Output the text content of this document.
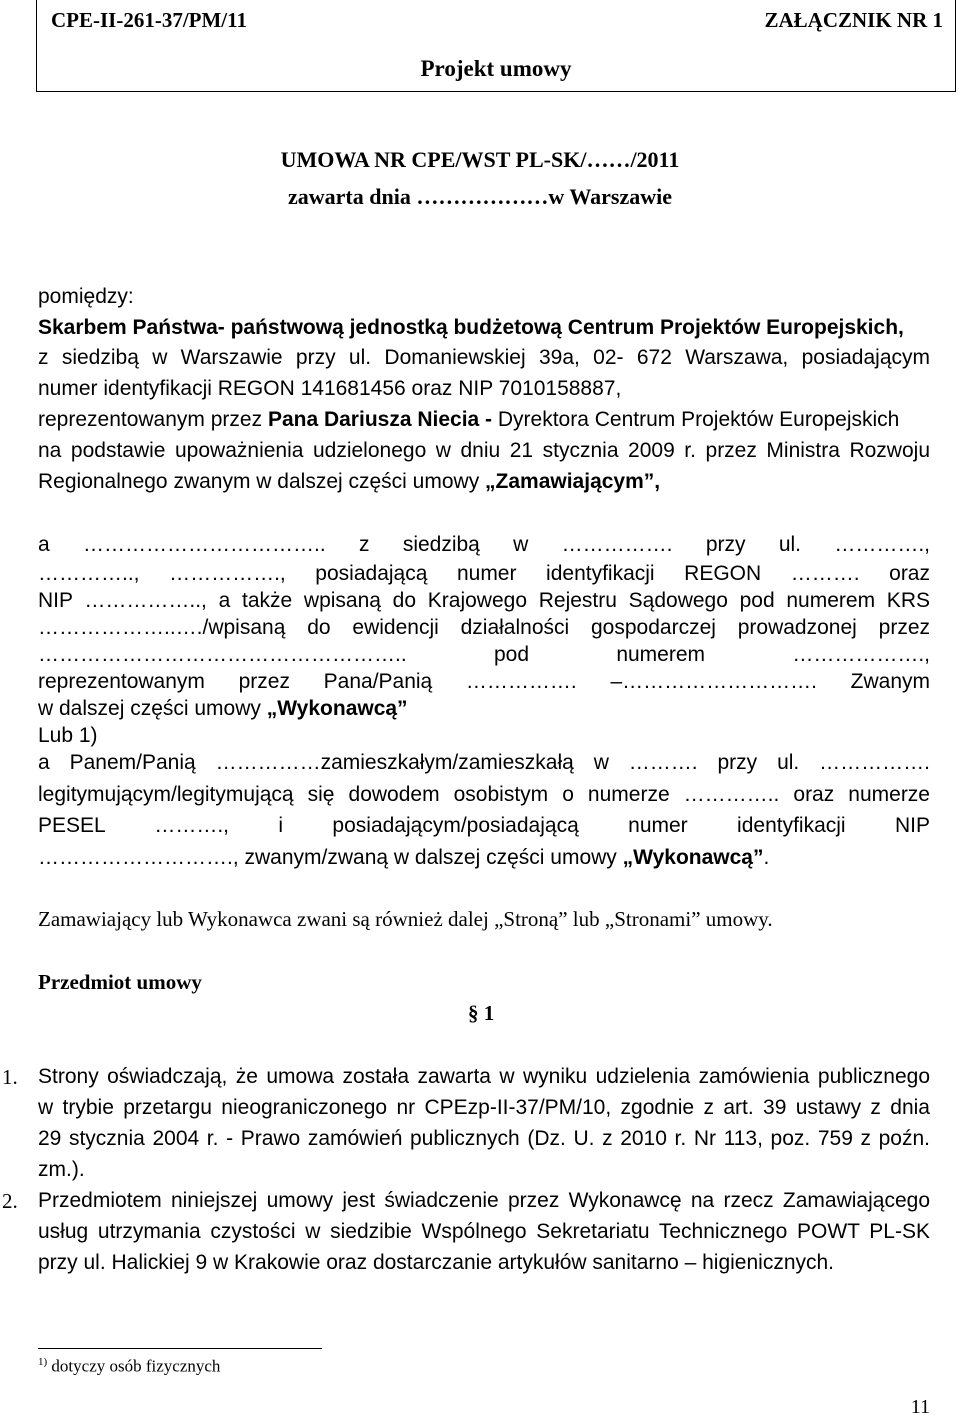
CPE-II-261-37/PM/11	ZAŁĄCZNIK NR 1
Projekt umowy
UMOWA NR CPE/WST PL-SK/……/2011
zawarta dnia ………………w Warszawie
pomiędzy:
Skarbem Państwa- państwową jednostką budżetową Centrum Projektów Europejskich,
z siedzibą w Warszawie przy ul. Domaniewskiej 39a, 02- 672 Warszawa, posiadającym
numer identyfikacji REGON 141681456 oraz NIP 7010158887,
reprezentowanym przez Pana Dariusza Niecia - Dyrektora Centrum Projektów Europejskich
na podstawie upoważnienia udzielonego w dniu 21 stycznia 2009 r. przez Ministra Rozwoju
Regionalnego zwanym w dalszej części umowy „Zamawiającym”,
a …………………………….. z siedzibą w ……………. przy ul. ………….,
………….., ……………., posiadającą numer identyfikacji REGON ………. oraz
NIP …………….., a także wpisaną do Krajowego Rejestru Sądowego pod numerem KRS
………………..…./wpisaną do ewidencji działalności gospodarczej prowadzonej przez
…………………………………………….. pod numerem ……………….,
reprezentowanym przez Pana/Panią ……………. –………………………. Zwanym
w dalszej części umowy „Wykonawcą”
Lub 1)
a Panem/Panią ……………zamieszkałym/zamieszkałą w ………. przy ul. …………….
legitymującym/legitymującą się dowodem osobistym o numerze ………….. oraz numerze
PESEL ………., i posiadającym/posiadającą numer identyfikacji NIP
………………………., zwanym/zwaną w dalszej części umowy „Wykonawcą”.
Zamawiający lub Wykonawca zwani są również dalej „Stroną” lub „Stronami” umowy.
Przedmiot umowy
§ 1
1. Strony oświadczają, że umowa została zawarta w wyniku udzielenia zamówienia publicznego
w trybie przetargu nieograniczonego nr CPEzp-II-37/PM/10, zgodnie z art. 39 ustawy z dnia
29 stycznia 2004 r. - Prawo zamówień publicznych (Dz. U. z 2010 r. Nr 113, poz. 759 z poźn.
zm.).
2. Przedmiotem niniejszej umowy jest świadczenie przez Wykonawcę na rzecz Zamawiającego
usług utrzymania czystości w siedzibie Wspólnego Sekretariatu Technicznego POWT PL-SK
przy ul. Halickiej 9 w Krakowie oraz dostarczanie artykułów sanitarno – higienicznych.
$^{1)}$ dotyczy osób fizycznych
11
